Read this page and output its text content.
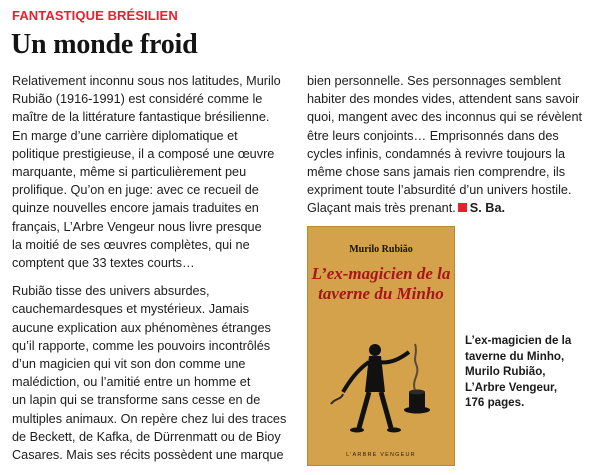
FANTASTIQUE BRÉSILIEN
Un monde froid

Relativement inconnu sous nos latitudes, Murilo
Rubião (1916-1991) est considéré comme le
maître de la littérature fantastique brésilienne.
En marge d’une carrière diplomatique et
politique prestigieuse, il a composé une œuvre
marquante, même si particulièrement peu
prolifique. Qu’on en juge: avec ce recueil de
quinze nouvelles encore jamais traduites en
français, L’Arbre Vengeur nous livre presque
la moitié de ses œuvres complètes, qui ne
comptent que 33 textes courts…

Rubião tisse des univers absurdes,
cauchemardesques et mystérieux. Jamais
aucune explication aux phénomènes étranges
qu’il rapporte, comme les pouvoirs incontrôlés
d’un magicien qui vit son don comme une
malédiction, ou l’amitié entre un homme et
un lapin qui se transforme sans cesse en de
multiples animaux. On repère chez lui des traces
de Beckett, de Kafka, de Dürrenmatt ou de Bioy
Casares. Mais ses récits possèdent une marque

bien personnelle. Ses personnages semblent
habiter des mondes vides, attendent sans savoir
quoi, mangent avec des inconnus qui se révèlent
être leurs conjoints… Emprisonnés dans des
cycles infinis, condamnés à revivre toujours la
même chose sans jamais rien comprendre, ils
expriment toute l’absurdité d’un univers hostile.
Glaçant mais très prenant. S. Ba.

Murilo Rubião
L’ex-magicien de la
taverne du Minho
L’ARBRE VENGEUR
L’ex-magicien de la
taverne du Minho,
Murilo Rubião,
L’Arbre Vengeur,
176 pages.
